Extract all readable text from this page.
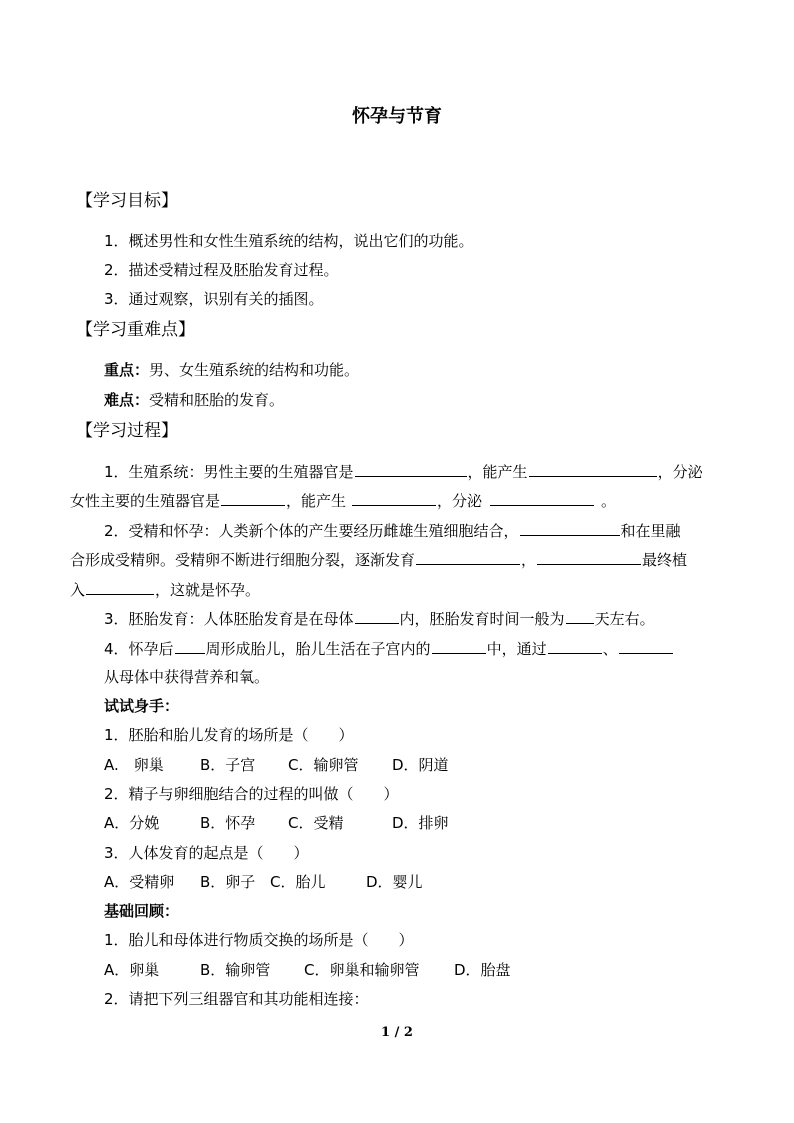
怀孕与节育
【学习目标】
1．概述男性和女性生殖系统的结构，说出它们的功能。
2．描述受精过程及胚胎发育过程。
3．通过观察，识别有关的插图。
【学习重难点】
重点：男、女生殖系统的结构和功能。
难点：受精和胚胎的发育。
【学习过程】
1．生殖系统：男性主要的生殖器官是	，能产生	，分泌
女性主要的生殖器官是	，能产生	，分泌	。
2．受精和怀孕：人类新个体的产生要经历雌雄生殖细胞结合，	和在里融
合形成受精卵。受精卵不断进行细胞分裂，逐渐发育	，	最终植
入	，这就是怀孕。
3．胚胎发育：人体胚胎发育是在母体	内，胚胎发育时间一般为 天左右。
4．怀孕后 周形成胎儿，胎儿生活在子宫内的	中，通过	、
从母体中获得营养和氧。
试试身手：
1．胚胎和胎儿发育的场所是（　　）
A.　卵巢 B．子宫 C．输卵管 D．阴道
2．精子与卵细胞结合的过程的叫做（　　）
A．分娩	B．怀孕 C．受精	D．排卵
3．人体发育的起点是（　　）
A．受精卵 B．卵子 C．胎儿	D．婴儿
基础回顾：
1．胎儿和母体进行物质交换的场所是（　　）
A．卵巢	B．输卵管 C．卵巢和输卵管 D．胎盘
2．请把下列三组器官和其功能相连接：
1 / 2
